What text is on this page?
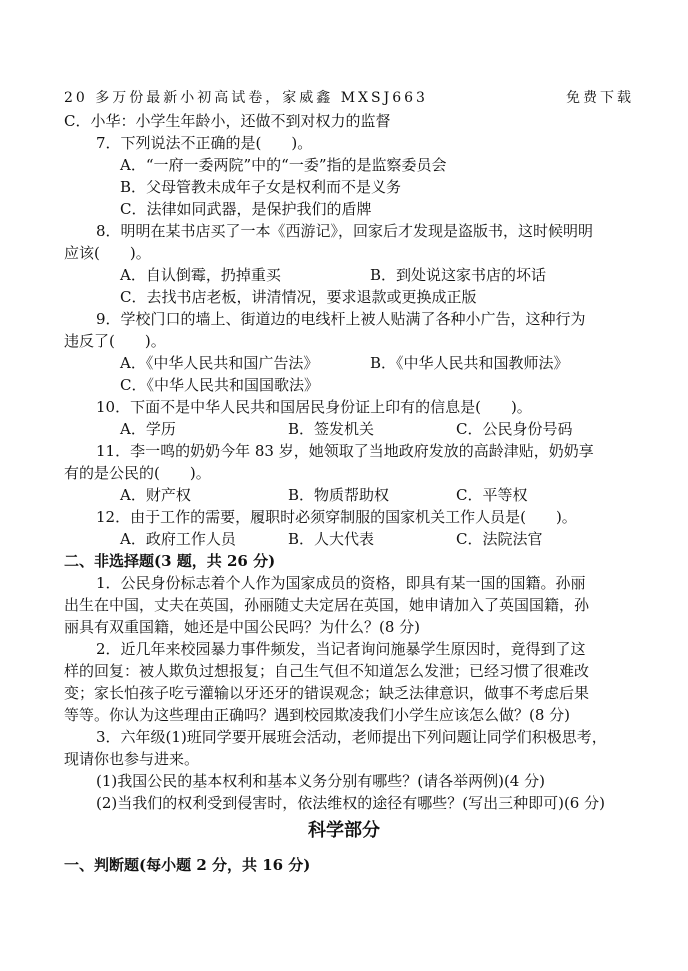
20 多万份最新小初高试卷，家威鑫 MXSJ663	免费下载
C．小华：小学生年龄小，还做不到对权力的监督
7．下列说法不正确的是(　　)。
A．“一府一委两院”中的“一委”指的是监察委员会
B．父母管教未成年子女是权利而不是义务
C．法律如同武器，是保护我们的盾牌
8．明明在某书店买了一本《西游记》，回家后才发现是盗版书，这时候明明
应该(　　)。
A．自认倒霉，扔掉重买	B．到处说这家书店的坏话
C．去找书店老板，讲清情况，要求退款或更换成正版
9．学校门口的墙上、街道边的电线杆上被人贴满了各种小广告，这种行为
违反了(　　)。
A．《中华人民共和国广告法》	B．《中华人民共和国教师法》
C．《中华人民共和国国歌法》
10．下面不是中华人民共和国居民身份证上印有的信息是(　　)。
A．学历	B．签发机关	C．公民身份号码
11．李一鸣的奶奶今年 83 岁，她领取了当地政府发放的高龄津贴，奶奶享
有的是公民的(　　)。
A．财产权	B．物质帮助权	C．平等权
12．由于工作的需要，履职时必须穿制服的国家机关工作人员是(　　)。
A．政府工作人员	B．人大代表	C．法院法官
二、非选择题(3 题，共 26 分)
1．公民身份标志着个人作为国家成员的资格，即具有某一国的国籍。孙丽
出生在中国，丈夫在英国，孙丽随丈夫定居在英国，她申请加入了英国国籍，孙
丽具有双重国籍，她还是中国公民吗？为什么？(8 分)
2．近几年来校园暴力事件频发，当记者询问施暴学生原因时，竟得到了这
样的回复：被人欺负过想报复；自己生气但不知道怎么发泄；已经习惯了很难改
变；家长怕孩子吃亏灌输以牙还牙的错误观念；缺乏法律意识，做事不考虑后果
等等。你认为这些理由正确吗？遇到校园欺凌我们小学生应该怎么做？(8 分)
3．六年级(1)班同学要开展班会活动，老师提出下列问题让同学们积极思考，
现请你也参与进来。
(1)我国公民的基本权利和基本义务分别有哪些？(请各举两例)(4 分)
(2)当我们的权利受到侵害时，依法维权的途径有哪些？(写出三种即可)(6 分)
科学部分
一、判断题(每小题 2 分，共 16 分)
